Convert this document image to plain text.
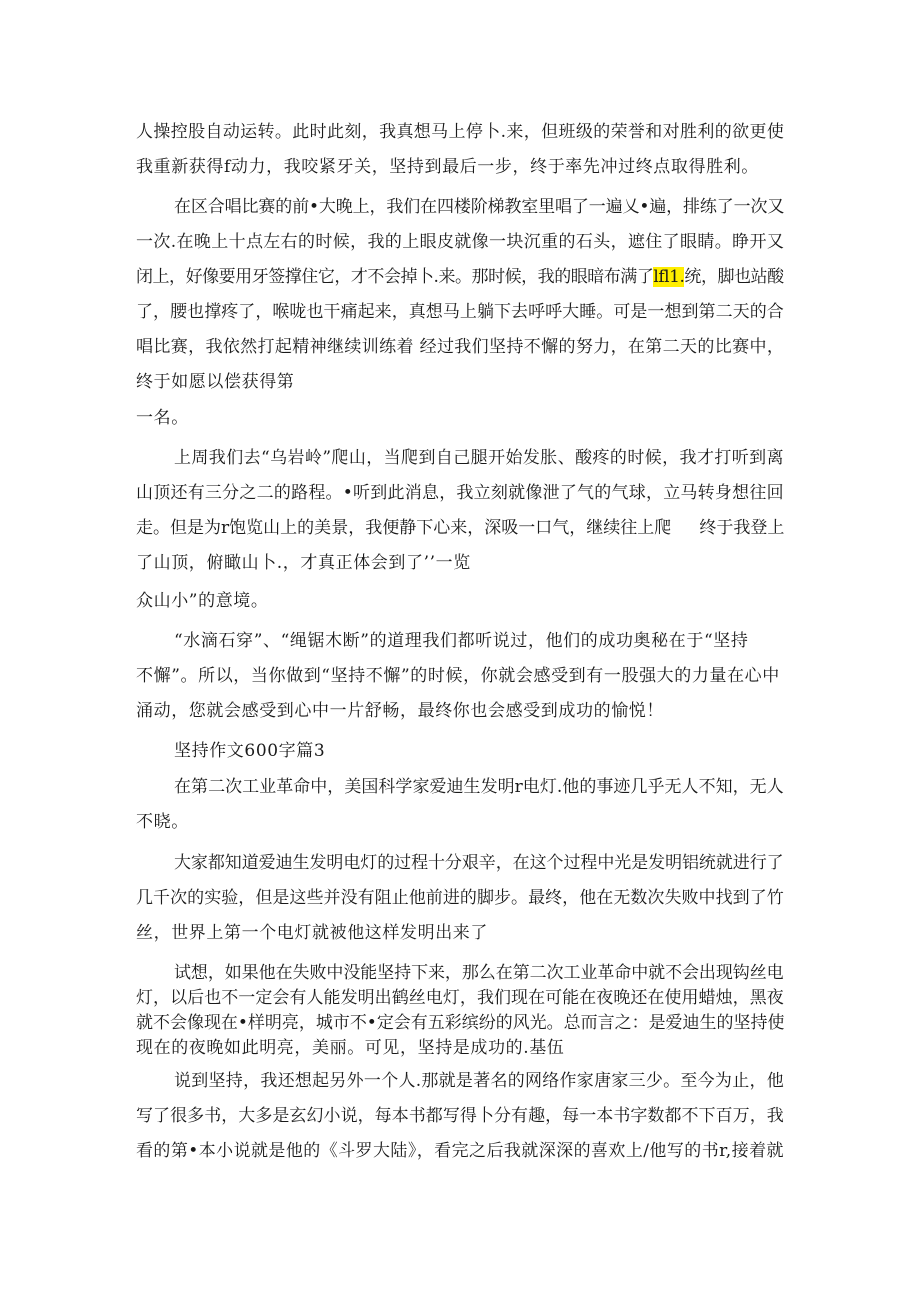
人操控股自动运转。此时此刻，我真想马上停卜.来，但班级的荣誉和对胜利的欲更使

我重新获得f动力，我咬紧牙关，坚持到最后一步，终于率先冲过终点取得胜利。

在区合唱比赛的前•大晚上，我们在四楼阶梯教室里唱了一遍乂•遍，排练了一次又

一次.在晚上十点左右的时候，我的上眼皮就像一块沉重的石头，遮住了眼睛。睁开又

闭上，好像要用牙签撑住它，才不会掉卜.来。那时候，我的眼暗布满了lfl1.统，脚也站酸

了，腰也撑疼了，喉咙也干痛起来，真想马上躺下去呼呼大睡。可是一想到第二天的合

唱比赛，我依然打起精神继续训练着 经过我们坚持不懈的努力，在第二天的比赛中，

终于如愿以偿获得第

一名。

上周我们去“乌岩岭”爬山，当爬到自己腿开始发胀、酸疼的时候，我才打听到离

山顶还有三分之二的路程。•听到此消息，我立刻就像泄了气的气球，立马转身想往回

走。但是为r饱览山上的美景，我便静下心来，深吸一口气，继续往上爬 终于我登上

了山顶，俯瞰山卜.，才真正体会到了’’一览

众山小”的意境。

“水滴石穿”、“绳锯木断”的道理我们都听说过，他们的成功奥秘在于“坚持

不懈”。所以，当你做到“坚持不懈”的时候，你就会感受到有一股强大的力量在心中

涌动，您就会感受到心中一片舒畅，最终你也会感受到成功的愉悦！

坚持作文600字篇3

在第二次工业革命中，美国科学家爱迪生发明r电灯.他的事迹几乎无人不知，无人

不晓。

大家都知道爱迪生发明电灯的过程十分艰辛，在这个过程中光是发明铝统就进行了

几千次的实验，但是这些并没有阻止他前进的脚步。最终，他在无数次失败中找到了竹

丝，世界上第一个电灯就被他这样发明出来了

试想，如果他在失败中没能坚持下来，那么在第二次工业革命中就不会出现钩丝电

灯，以后也不一定会有人能发明出鹤丝电灯，我们现在可能在夜晚还在使用蜡烛，黑夜

就不会像现在•样明亮，城市不•定会有五彩缤纷的风光。总而言之：是爱迪生的坚持使

现在的夜晚如此明亮，美丽。可见，坚持是成功的.基伍

说到坚持，我还想起另外一个人.那就是著名的网络作家唐家三少。至今为止，他

写了很多书，大多是玄幻小说，每本书都写得卜分有趣，每一本书字数都不下百万，我

看的第•本小说就是他的《斗罗大陆》，看完之后我就深深的喜欢上/他写的书r,接着就
